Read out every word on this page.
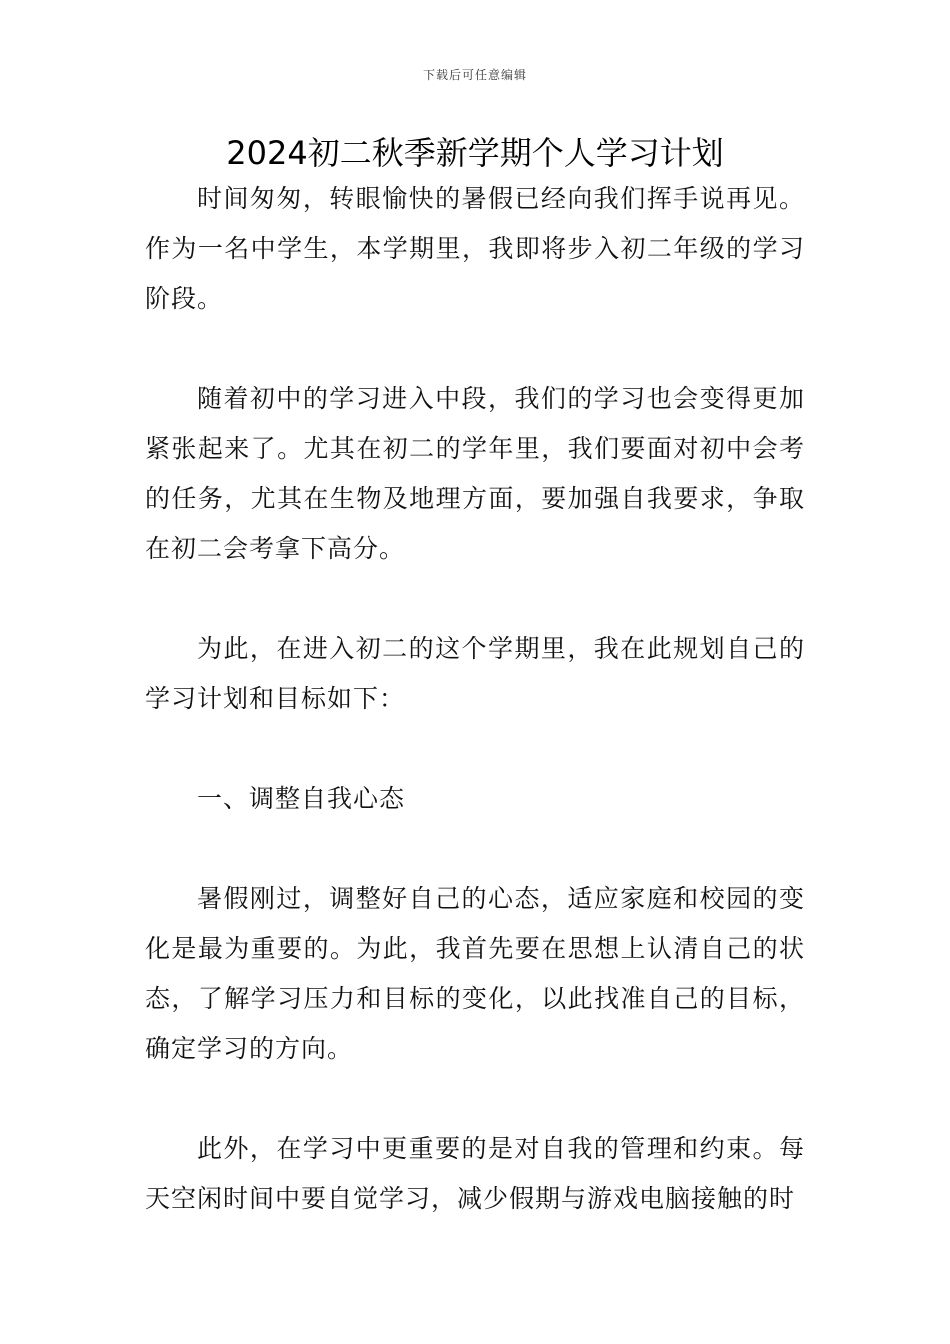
下载后可任意编辑
2024初二秋季新学期个人学习计划

时间匆匆，转眼愉快的暑假已经向我们挥手说再见。作为一名中学生，本学期里，我即将步入初二年级的学习阶段。

随着初中的学习进入中段，我们的学习也会变得更加紧张起来了。尤其在初二的学年里，我们要面对初中会考的任务，尤其在生物及地理方面，要加强自我要求，争取在初二会考拿下高分。

为此，在进入初二的这个学期里，我在此规划自己的学习计划和目标如下：

一、调整自我心态

暑假刚过，调整好自己的心态，适应家庭和校园的变化是最为重要的。为此，我首先要在思想上认清自己的状态，了解学习压力和目标的变化，以此找准自己的目标，确定学习的方向。

此外，在学习中更重要的是对自我的管理和约束。每天空闲时间中要自觉学习，减少假期与游戏电脑接触的时
